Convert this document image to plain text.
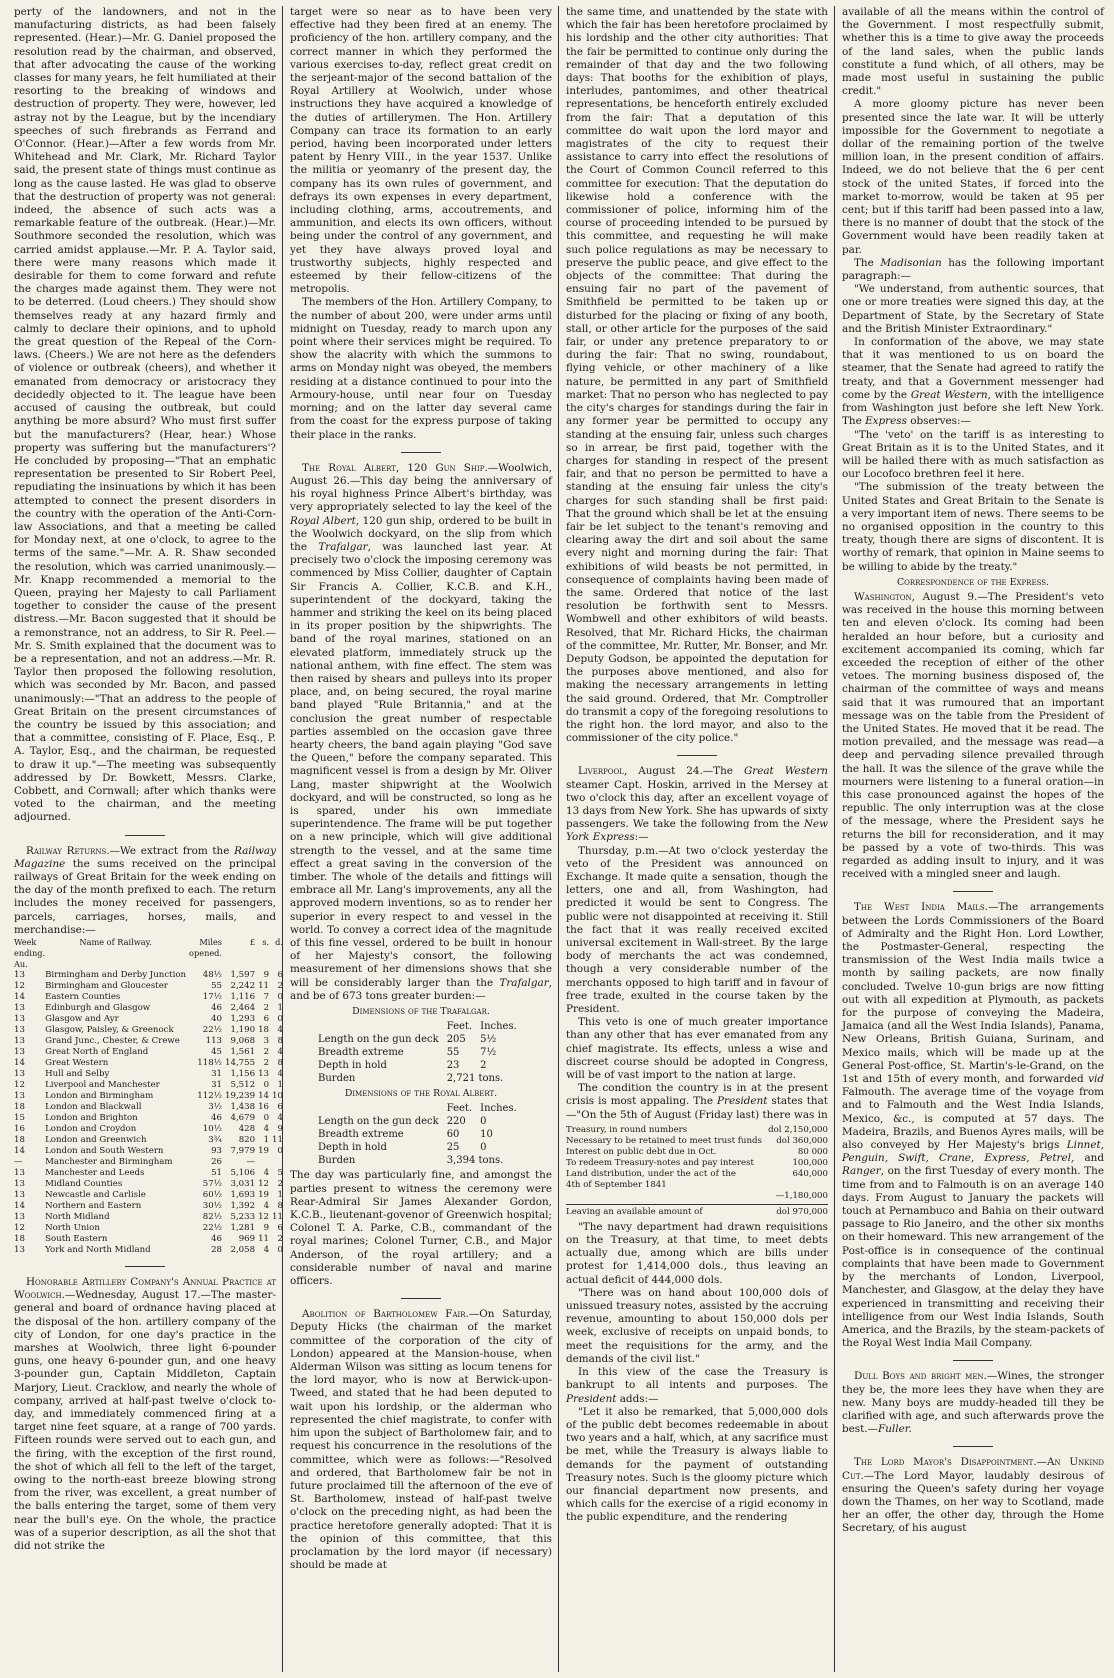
perty of the landowners, and not in the manufacturing districts, as had been falsely represented. (Hear.)—Mr. G. Daniel proposed the resolution read by the chairman, and observed, that after advocating the cause of the working classes for many years, he felt humiliated at their resorting to the breaking of windows and destruction of property. They were, however, led astray not by the League, but by the incendiary speeches of such firebrands as Ferrand and O'Connor. (Hear.)—After a few words from Mr. Whitehead and Mr. Clark, Mr. Richard Taylor said, the present state of things must continue as long as the cause lasted. He was glad to observe that the destruction of property was not general: indeed, the absence of such acts was a remarkable feature of the outbreak. (Hear.)—Mr. Southmore seconded the resolution, which was carried amidst applause.—Mr. P. A. Taylor said, there were many reasons which made it desirable for them to come forward and refute the charges made against them. They were not to be deterred. (Loud cheers.) They should show themselves ready at any hazard firmly and calmly to declare their opinions, and to uphold the great question of the Repeal of the Corn-laws. (Cheers.) We are not here as the defenders of violence or outbreak (cheers), and whether it emanated from democracy or aristocracy they decidedly objected to it. The league have been accused of causing the outbreak, but could anything be more absurd? Who must first suffer but the manufacturers? (Hear, hear.) Whose property was suffering but the manufacturers'? He concluded by proposing—"That an emphatic representation be presented to Sir Robert Peel, repudiating the insinuations by which it has been attempted to connect the present disorders in the country with the operation of the Anti-Corn-law Associations, and that a meeting be called for Monday next, at one o'clock, to agree to the terms of the same."—Mr. A. R. Shaw seconded the resolution, which was carried unanimously.—Mr. Knapp recommended a memorial to the Queen, praying her Majesty to call Parliament together to consider the cause of the present distress.—Mr. Bacon suggested that it should be a remonstrance, not an address, to Sir R. Peel.—Mr. S. Smith explained that the document was to be a representation, and not an address.—Mr. R. Taylor then proposed the following resolution, which was seconded by Mr. Bacon, and passed unanimously:—"That an address to the people of Great Britain on the present circumstances of the country be issued by this association; and that a committee, consisting of F. Place, Esq., P. A. Taylor, Esq., and the chairman, be requested to draw it up."—The meeting was subsequently addressed by Dr. Bowkett, Messrs. Clarke, Cobbett, and Cornwall; after which thanks were voted to the chairman, and the meeting adjourned.

Railway Returns.—We extract from the Railway Magazine the sums received on the principal railways of Great Britain for the week ending on the day of the month prefixed to each. The return includes the money received for passengers, parcels, carriages, horses, mails, and merchandise:—

Week ending. Au.	Name of Railway.	Miles opened.	£	s.	d.
13	Birmingham and Derby Junction	48½	1,597	9	6
12	Birmingham and Gloucester	55	2,242	11	2
14	Eastern Counties	17½	1,116	7	0
13	Edinburgh and Glasgow	46	2,464	2	1
13	Glasgow and Ayr	40	1,293	6	0
13	Glasgow, Paisley, & Greenock	22½	1,190	18	4
13	Grand Junc., Chester, & Crewe	113	9,068	3	8
13	Great North of England	45	1,561	2	4
14	Great Western	118½	14,755	2	8
13	Hull and Selby	31	1,156	13	4
12	Liverpool and Manchester	31	5,512	0	1
13	London and Birmingham	112½	19,239	14	10
18	London and Blackwall	3½	1,438	16	6
15	London and Brighton	46	4,679	0	4
16	London and Croydon	10½	428	4	9
18	London and Greenwich	3¾	820	1	11
14	London and South Western	93	7,979	19	0
—	Manchester and Birmingham	26	—		
13	Manchester and Leeds	51	5,106	4	5
13	Midland Counties	57½	3,031	12	2
13	Newcastle and Carlisle	60½	1,693	19	1
14	Northern and Eastern	30½	1,392	4	8
13	North Midland	82½	5,233	12	11
12	North Union	22½	1,281	9	6
18	South Eastern	46	969	11	2
13	York and North Midland	28	2,058	4	0

Honorable Artillery Company's Annual Practice at Woolwich.—Wednesday, August 17.—The master-general and board of ordnance having placed at the disposal of the hon. artillery company of the city of London, for one day's practice in the marshes at Woolwich, three light 6-pounder guns, one heavy 6-pounder gun, and one heavy 3-pounder gun, Captain Middleton, Captain Marjory, Lieut. Cracklow, and nearly the whole of company, arrived at half-past twelve o'clock to-day, and immediately commenced firing at a target nine feet square, at a range of 700 yards. Fifteen rounds were served out to each gun, and the firing, with the exception of the first round, the shot of which all fell to the left of the target, owing to the north-east breeze blowing strong from the river, was excellent, a great number of the balls entering the target, some of them very near the bull's eye. On the whole, the practice was of a superior description, as all the shot that did not strike the

target were so near as to have been very effective had they been fired at an enemy. The proficiency of the hon. artillery company, and the correct manner in which they performed the various exercises to-day, reflect great credit on the serjeant-major of the second battalion of the Royal Artillery at Woolwich, under whose instructions they have acquired a knowledge of the duties of artillerymen. The Hon. Artillery Company can trace its formation to an early period, having been incorporated under letters patent by Henry VIII., in the year 1537. Unlike the militia or yeomanry of the present day, the company has its own rules of government, and defrays its own expenses in every department, including clothing, arms, accoutrements, and ammunition, and elects its own officers, without being under the control of any government, and yet they have always proved loyal and trustworthy subjects, highly respected and esteemed by their fellow-citizens of the metropolis.

The members of the Hon. Artillery Company, to the number of about 200, were under arms until midnight on Tuesday, ready to march upon any point where their services might be required. To show the alacrity with which the summons to arms on Monday night was obeyed, the members residing at a distance continued to pour into the Armoury-house, until near four on Tuesday morning; and on the latter day several came from the coast for the express purpose of taking their place in the ranks.

The Royal Albert, 120 Gun Ship.—Woolwich, August 26.—This day being the anniversary of his royal highness Prince Albert's birthday, was very appropriately selected to lay the keel of the Royal Albert, 120 gun ship, ordered to be built in the Woolwich dockyard, on the slip from which the Trafalgar, was launched last year. At precisely two o'clock the imposing ceremony was commenced by Miss Collier, daughter of Captain Sir Francis A. Collier, K.C.B. and K.H., superintendent of the dockyard, taking the hammer and striking the keel on its being placed in its proper position by the shipwrights. The band of the royal marines, stationed on an elevated platform, immediately struck up the national anthem, with fine effect. The stem was then raised by shears and pulleys into its proper place, and, on being secured, the royal marine band played "Rule Britannia," and at the conclusion the great number of respectable parties assembled on the occasion gave three hearty cheers, the band again playing "God save the Queen," before the company separated. This magnificent vessel is from a design by Mr. Oliver Lang, master shipwright at the Woolwich dockyard, and will be constructed, so long as he is spared, under his own immediate superintendence. The frame will be put together on a new principle, which will give additional strength to the vessel, and at the same time effect a great saving in the conversion of the timber. The whole of the details and fittings will embrace all Mr. Lang's improvements, any all the approved modern inventions, so as to render her superior in every respect to and vessel in the world. To convey a correct idea of the magnitude of this fine vessel, ordered to be built in honour of her Majesty's consort, the following measurement of her dimensions shows that she will be considerably larger than the Trafalgar, and be of 673 tons greater burden:—

Dimensions of the Trafalgar.
	Feet.	Inches.
Length on the gun deck	205	5½
Breadth extreme	55	7½
Depth in hold	23	2
Burden	2,721 tons.	
Dimensions of the Royal Albert.
	Feet.	Inches.
Length on the gun deck	220	0
Breadth extreme	60	10
Depth in hold	25	0
Burden	3,394 tons.	

The day was particularly fine, and amongst the parties present to witness the ceremony were Rear-Admiral Sir James Alexander Gordon, K.C.B., lieutenant-govenor of Greenwich hospital; Colonel T. A. Parke, C.B., commandant of the royal marines; Colonel Turner, C.B., and Major Anderson, of the royal artillery; and a considerable number of naval and marine officers.

Abolition of Bartholomew Fair.—On Saturday, Deputy Hicks (the chairman of the market committee of the corporation of the city of London) appeared at the Mansion-house, when Alderman Wilson was sitting as locum tenens for the lord mayor, who is now at Berwick-upon-Tweed, and stated that he had been deputed to wait upon his lordship, or the alderman who represented the chief magistrate, to confer with him upon the subject of Bartholomew fair, and to request his concurrence in the resolutions of the committee, which were as follows:—"Resolved and ordered, that Bartholomew fair be not in future proclaimed till the afternoon of the eve of St. Bartholomew, instead of half-past twelve o'clock on the preceding night, as had been the practice heretofore generally adopted: That it is the opinion of this committee, that this proclamation by the lord mayor (if necessary) should be made at

the same time, and unattended by the state with which the fair has been heretofore proclaimed by his lordship and the other city authorities: That the fair be permitted to continue only during the remainder of that day and the two following days: That booths for the exhibition of plays, interludes, pantomimes, and other theatrical representations, be henceforth entirely excluded from the fair: That a deputation of this committee do wait upon the lord mayor and magistrates of the city to request their assistance to carry into effect the resolutions of the Court of Common Council referred to this committee for execution: That the deputation do likewise hold a conference with the commissioner of police, informing him of the course of proceeding intended to be pursued by this committee, and requesting he will make such police regulations as may be necessary to preserve the public peace, and give effect to the objects of the committee: That during the ensuing fair no part of the pavement of Smithfield be permitted to be taken up or disturbed for the placing or fixing of any booth, stall, or other article for the purposes of the said fair, or under any pretence preparatory to or during the fair: That no swing, roundabout, flying vehicle, or other machinery of a like nature, be permitted in any part of Smithfield market: That no person who has neglected to pay the city's charges for standings during the fair in any former year be permitted to occupy any standing at the ensuing fair, unless such charges so in arrear, be first paid, together with the charges for standing in respect of the present fair, and that no person be permitted to have a standing at the ensuing fair unless the city's charges for such standing shall be first paid: That the ground which shall be let at the ensuing fair be let subject to the tenant's removing and clearing away the dirt and soil about the same every night and morning during the fair: That exhibitions of wild beasts be not permitted, in consequence of complaints having been made of the same. Ordered that notice of the last resolution be forthwith sent to Messrs. Wombwell and other exhibitors of wild beasts. Resolved, that Mr. Richard Hicks, the chairman of the committee, Mr. Rutter, Mr. Bonser, and Mr. Deputy Godson, be appointed the deputation for the purposes above mentioned, and also for making the necessary arrangements in letting the said ground. Ordered, that Mr. Comptroller do transmit a copy of the foregoing resolutions to the right hon. the lord mayor, and also to the commissioner of the city police."

Liverpool, August 24.—The Great Western steamer Capt. Hoskin, arrived in the Mersey at two o'clock this day, after an excellent voyage of 13 days from New York. She has upwards of sixty passengers. We take the following from the New York Express:—

Thursday, p.m.—At two o'clock yesterday the veto of the President was announced on Exchange. It made quite a sensation, though the letters, one and all, from Washington, had predicted it would be sent to Congress. The public were not disappointed at receiving it. Still the fact that it was really received excited universal excitement in Wall-street. By the large body of merchants the act was condemned, though a very considerable number of the merchants opposed to high tariff and in favour of free trade, exulted in the course taken by the President.

This veto is one of much greater importance than any other that has ever emanated from any chief magistrate. Its effects, unless a wise and discreet course should be adopted in Congress, will be of vast import to the nation at large.

The condition the country is in at the present crisis is most appaling. The President states that—"On the 5th of August (Friday last) there was in

Treasury, in round numbers	dol 2,150,000
Necessary to be retained to meet trust funds dol 360,000
Interest on public debt due in Oct.	80 000
To redeem Treasury-notes and pay interest	100,000
Land distribution, under the act of the 4th of September 1841
640,000
—1,180,000
Leaving an available amount of	dol 970,000

"The navy department had drawn requisitions on the Treasury, at that time, to meet debts actually due, among which are bills under protest for 1,414,000 dols., thus leaving an actual deficit of 444,000 dols.

"There was on hand about 100,000 dols of unissued treasury notes, assisted by the accruing revenue, amounting to about 150,000 dols per week, exclusive of receipts on unpaid bonds, to meet the requisitions for the army, and the demands of the civil list."

In this view of the case the Treasury is bankrupt to all intents and purposes. The President adds:—

"Let it also be remarked, that 5,000,000 dols of the public debt becomes redeemable in about two years and a half, which, at any sacrifice must be met, while the Treasury is always liable to demands for the payment of outstanding Treasury notes. Such is the gloomy picture which our financial department now presents, and which calls for the exercise of a rigid economy in the public expenditure, and the rendering

available of all the means within the control of the Government. I most respectfully submit, whether this is a time to give away the proceeds of the land sales, when the public lands constitute a fund which, of all others, may be made most useful in sustaining the public credit."

A more gloomy picture has never been presented since the late war. It will be utterly impossible for the Government to negotiate a dollar of the remaining portion of the twelve million loan, in the present condition of affairs. Indeed, we do not believe that the 6 per cent stock of the united States, if forced into the market to-morrow, would be taken at 95 per cent; but if this tariff had been passed into a law, there is no manner of doubt that the stock of the Government would have been readily taken at par.

The Madisonian has the following important paragraph:—

"We understand, from authentic sources, that one or more treaties were signed this day, at the Department of State, by the Secretary of State and the British Minister Extraordinary."

In conformation of the above, we may state that it was mentioned to us on board the steamer, that the Senate had agreed to ratify the treaty, and that a Government messenger had come by the Great Western, with the intelligence from Washington just before she left New York. The Express observes:—

"The 'veto' on the tariff is as interesting to Great Britain as it is to the United States, and it will be hailed there with as much satisfaction as our Locofoco brethren feel it here.

"The submission of the treaty between the United States and Great Britain to the Senate is a very important item of news. There seems to be no organised opposition in the country to this treaty, though there are signs of discontent. It is worthy of remark, that opinion in Maine seems to be willing to abide by the treaty."

Correspondence of the Express.

Washington, August 9.—The President's veto was received in the house this morning between ten and eleven o'clock. Its coming had been heralded an hour before, but a curiosity and excitement accompanied its coming, which far exceeded the reception of either of the other vetoes. The morning business disposed of, the chairman of the committee of ways and means said that it was rumoured that an important message was on the table from the President of the United States. He moved that it be read. The motion prevailed, and the message was read—a deep and pervading silence prevailed through the hall. It was the silence of the grave while the mourners were listening to a funeral oration—in this case pronounced against the hopes of the republic. The only interruption was at the close of the message, where the President says he returns the bill for reconsideration, and it may be passed by a vote of two-thirds. This was regarded as adding insult to injury, and it was received with a mingled sneer and laugh.

The West India Mails.—The arrangements between the Lords Commissioners of the Board of Admiralty and the Right Hon. Lord Lowther, the Postmaster-General, respecting the transmission of the West India mails twice a month by sailing packets, are now finally concluded. Twelve 10-gun brigs are now fitting out with all expedition at Plymouth, as packets for the purpose of conveying the Madeira, Jamaica (and all the West India Islands), Panama, New Orleans, British Guiana, Surinam, and Mexico mails, which will be made up at the General Post-office, St. Martin's-le-Grand, on the 1st and 15th of every month, and forwarded vid Falmouth. The average time of the voyage from and to Falmouth and the West India Islands, Mexico, &c., is computed at 57 days. The Madeira, Brazils, and Buenos Ayres mails, will be also conveyed by Her Majesty's brigs Linnet, Penguin, Swift, Crane, Express, Petrel, and Ranger, on the first Tuesday of every month. The time from and to Falmouth is on an average 140 days. From August to January the packets will touch at Pernambuco and Bahia on their outward passage to Rio Janeiro, and the other six months on their homeward. This new arrangement of the Post-office is in consequence of the continual complaints that have been made to Government by the merchants of London, Liverpool, Manchester, and Glasgow, at the delay they have experienced in transmitting and receiving their intelligence from our West India Islands, South America, and the Brazils, by the steam-packets of the Royal West India Mail Company.

Dull Boys and bright men.—Wines, the stronger they be, the more lees they have when they are new. Many boys are muddy-headed till they be clarified with age, and such afterwards prove the best.—Fuller.

The Lord Mayor's Disappointment.—An Unkind Cut.—The Lord Mayor, laudably desirous of ensuring the Queen's safety during her voyage down the Thames, on her way to Scotland, made her an offer, the other day, through the Home Secretary, of his august
